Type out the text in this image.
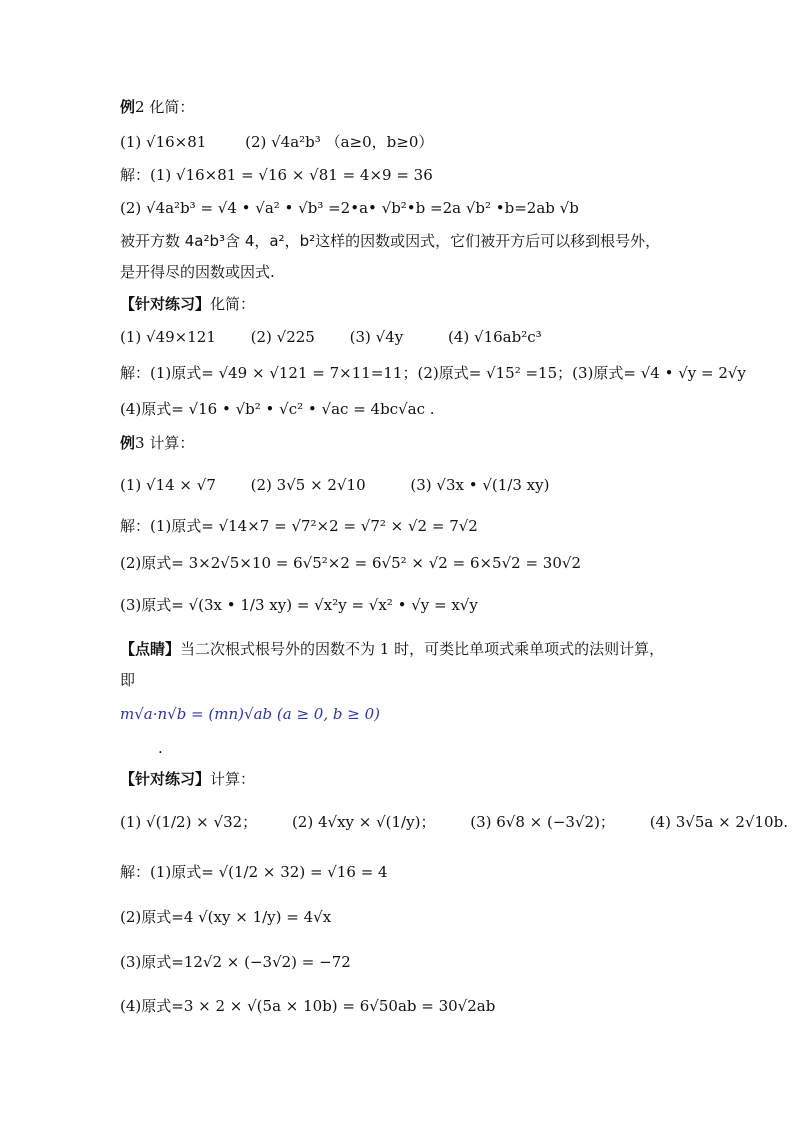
例2 化简：
(1) √16×81	(2) √4a²b³ （a≥0，b≥0）
解：(1) √16×81 = √16 × √81 = 4×9 = 36
(2) √4a²b³ = √4 • √a² • √b³ =2•a• √b²•b =2a √b² •b=2ab √b
被开方数 4a²b³含 4，a²，b²这样的因数或因式，它们被开方后可以移到根号外，
是开得尽的因数或因式.
【针对练习】化简：
(1) √49×121 (2) √225 (3) √4y	(4) √16ab²c³
解：(1)原式= √49 × √121 = 7×11=11；(2)原式= √15² =15；(3)原式= √4 • √y = 2√y
(4)原式= √16 • √b² • √c² • √ac = 4bc√ac .
例3 计算：
(1) √14 × √7 (2) 3√5 × 2√10	(3) √3x • √(1/3 xy)
解：(1)原式= √14×7 = √7²×2 = √7² × √2 = 7√2
(2)原式= 3×2√5×10 = 6√5²×2 = 6√5² × √2 = 6×5√2 = 30√2
(3)原式= √(3x • 1/3 xy) = √x²y = √x² • √y = x√y
【点睛】当二次根式根号外的因数不为 1 时，可类比单项式乘单项式的法则计算，
即
m√a·n√b = (mn)√ab (a ≥ 0, b ≥ 0)
.
【针对练习】计算：
(1) √(1/2) × √32； (2) 4√xy × √(1/y)； (3) 6√8 × (−3√2)； (4) 3√5a × 2√10b.
解：(1)原式= √(1/2 × 32) = √16 = 4
(2)原式=4 √(xy × 1/y) = 4√x
(3)原式=12√2 × (−3√2) = −72
(4)原式=3 × 2 × √(5a × 10b) = 6√50ab = 30√2ab
